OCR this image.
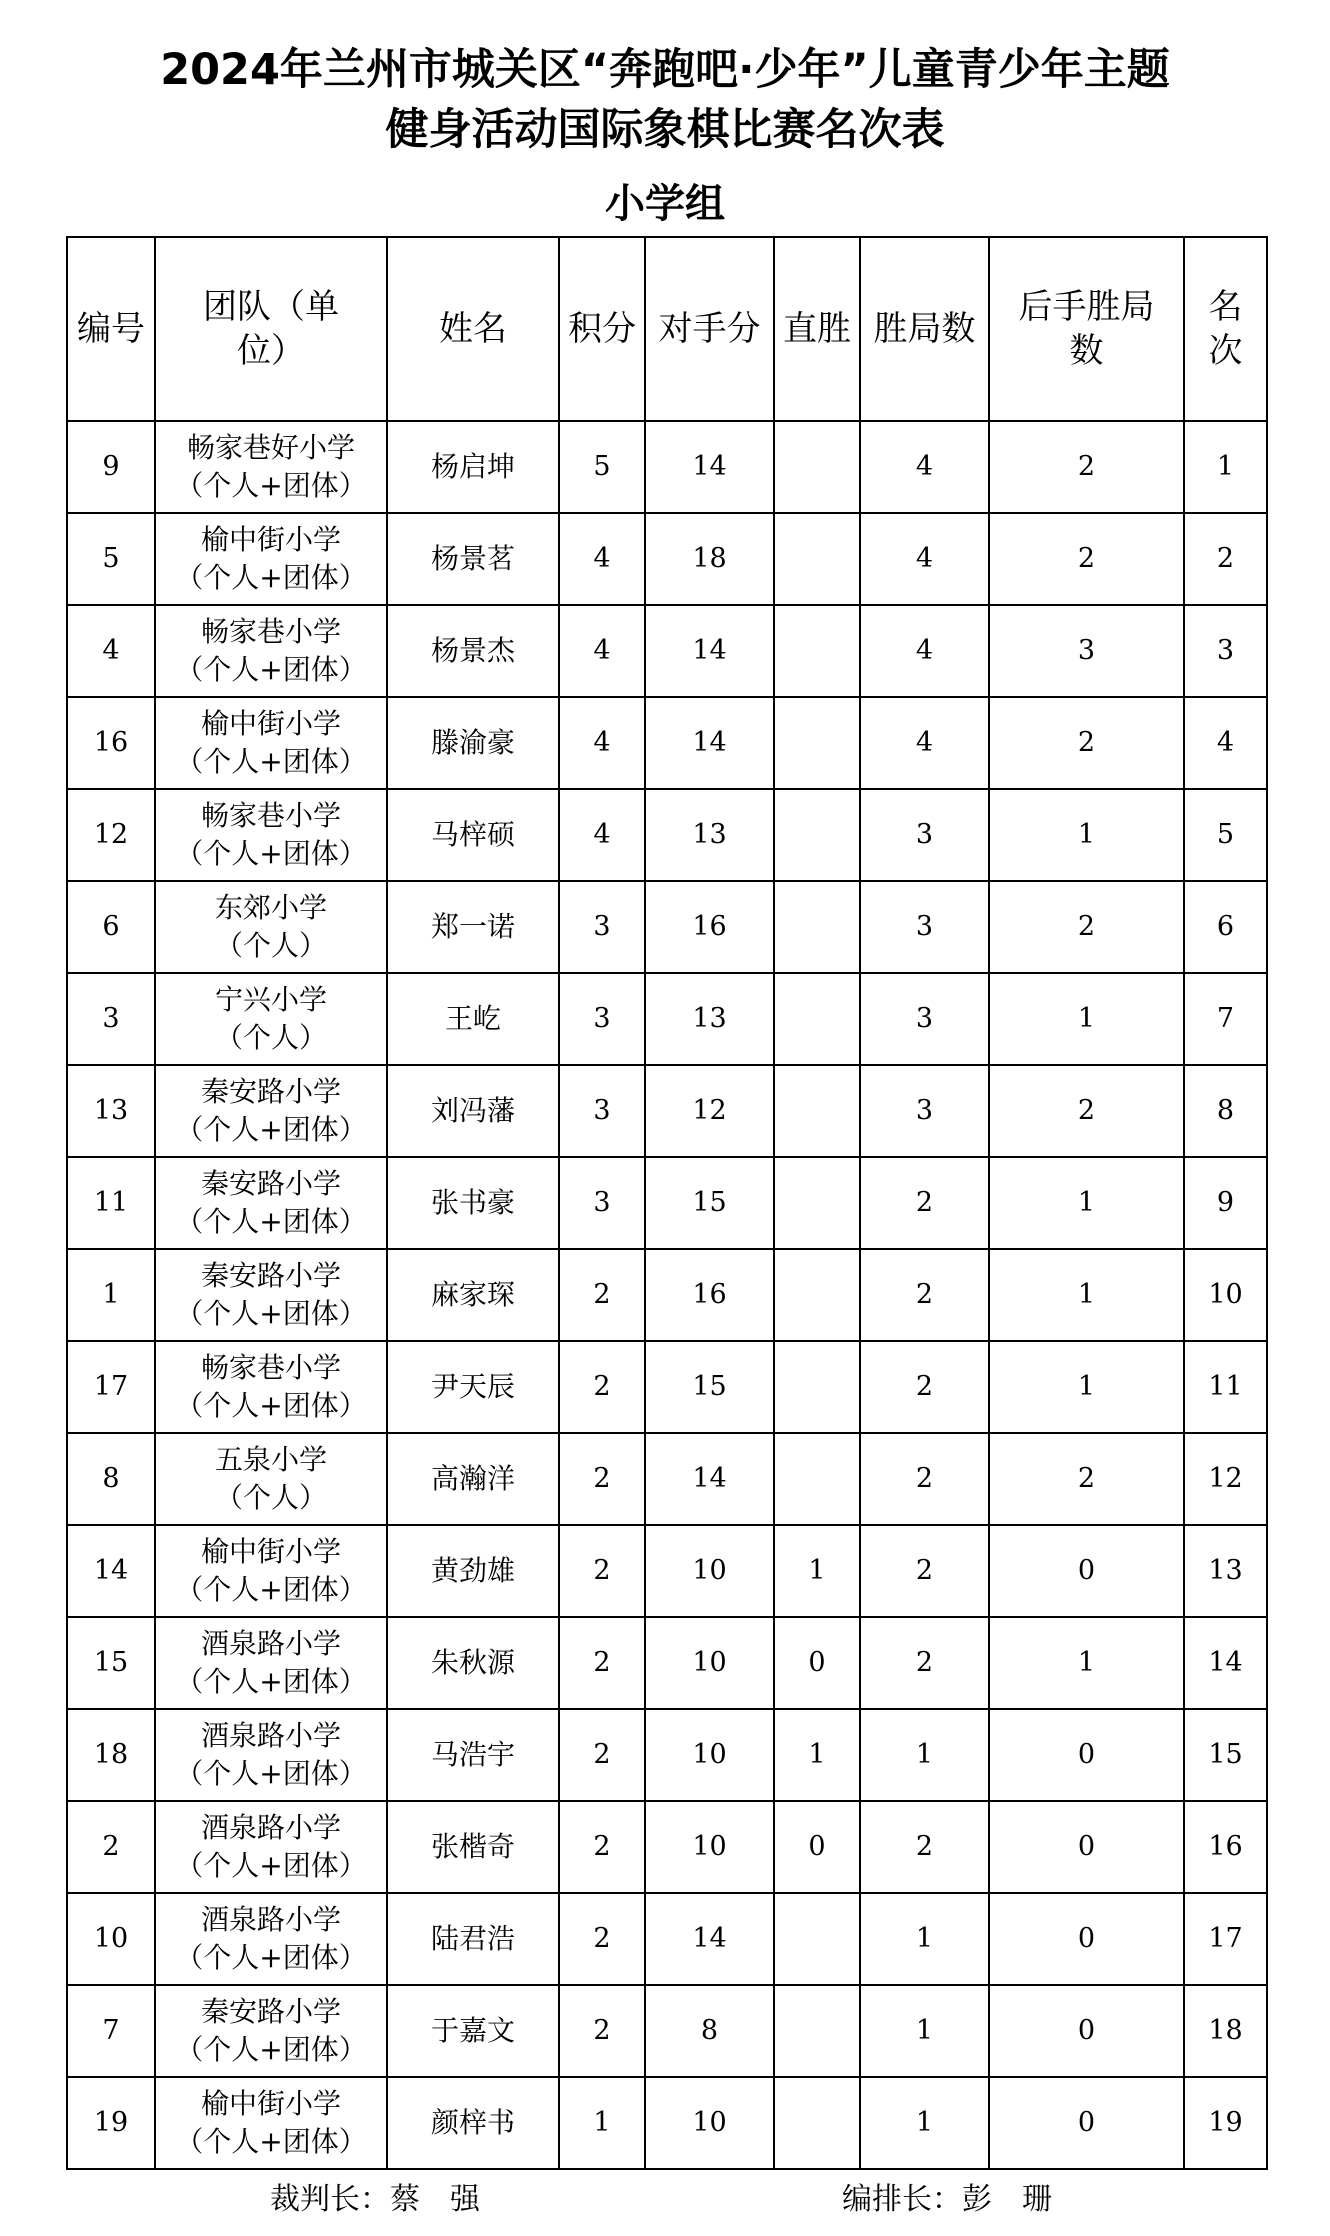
2024年兰州市城关区“奔跑吧·少年”儿童青少年主题
健身活动国际象棋比赛名次表
小学组
编号	团队（单位）	姓名	积分	对手分	直胜	胜局数	后手胜局数	名次
9	畅家巷好小学
（个人+团体）	杨启坤	5	14		4	2	1
5	榆中街小学
（个人+团体）	杨景茗	4	18		4	2	2
4	畅家巷小学
（个人+团体）	杨景杰	4	14		4	3	3
16	榆中街小学
（个人+团体）	滕渝豪	4	14		4	2	4
12	畅家巷小学
（个人+团体）	马梓硕	4	13		3	1	5
6	东郊小学
（个人）	郑一诺	3	16		3	2	6
3	宁兴小学
（个人）	王屹	3	13		3	1	7
13	秦安路小学
（个人+团体）	刘冯藩	3	12		3	2	8
11	秦安路小学
（个人+团体）	张书豪	3	15		2	1	9
1	秦安路小学
（个人+团体）	麻家琛	2	16		2	1	10
17	畅家巷小学
（个人+团体）	尹天辰	2	15		2	1	11
8	五泉小学
（个人）	高瀚洋	2	14		2	2	12
14	榆中街小学
（个人+团体）	黄劲雄	2	10	1	2	0	13
15	酒泉路小学
（个人+团体）	朱秋源	2	10	0	2	1	14
18	酒泉路小学
（个人+团体）	马浩宇	2	10	1	1	0	15
2	酒泉路小学
（个人+团体）	张楷奇	2	10	0	2	0	16
10	酒泉路小学
（个人+团体）	陆君浩	2	14		1	0	17
7	秦安路小学
（个人+团体）	于嘉文	2	8		1	0	18
19	榆中街小学
（个人+团体）	颜梓书	1	10		1	0	19
裁判长：蔡　强	编排长：彭　珊
